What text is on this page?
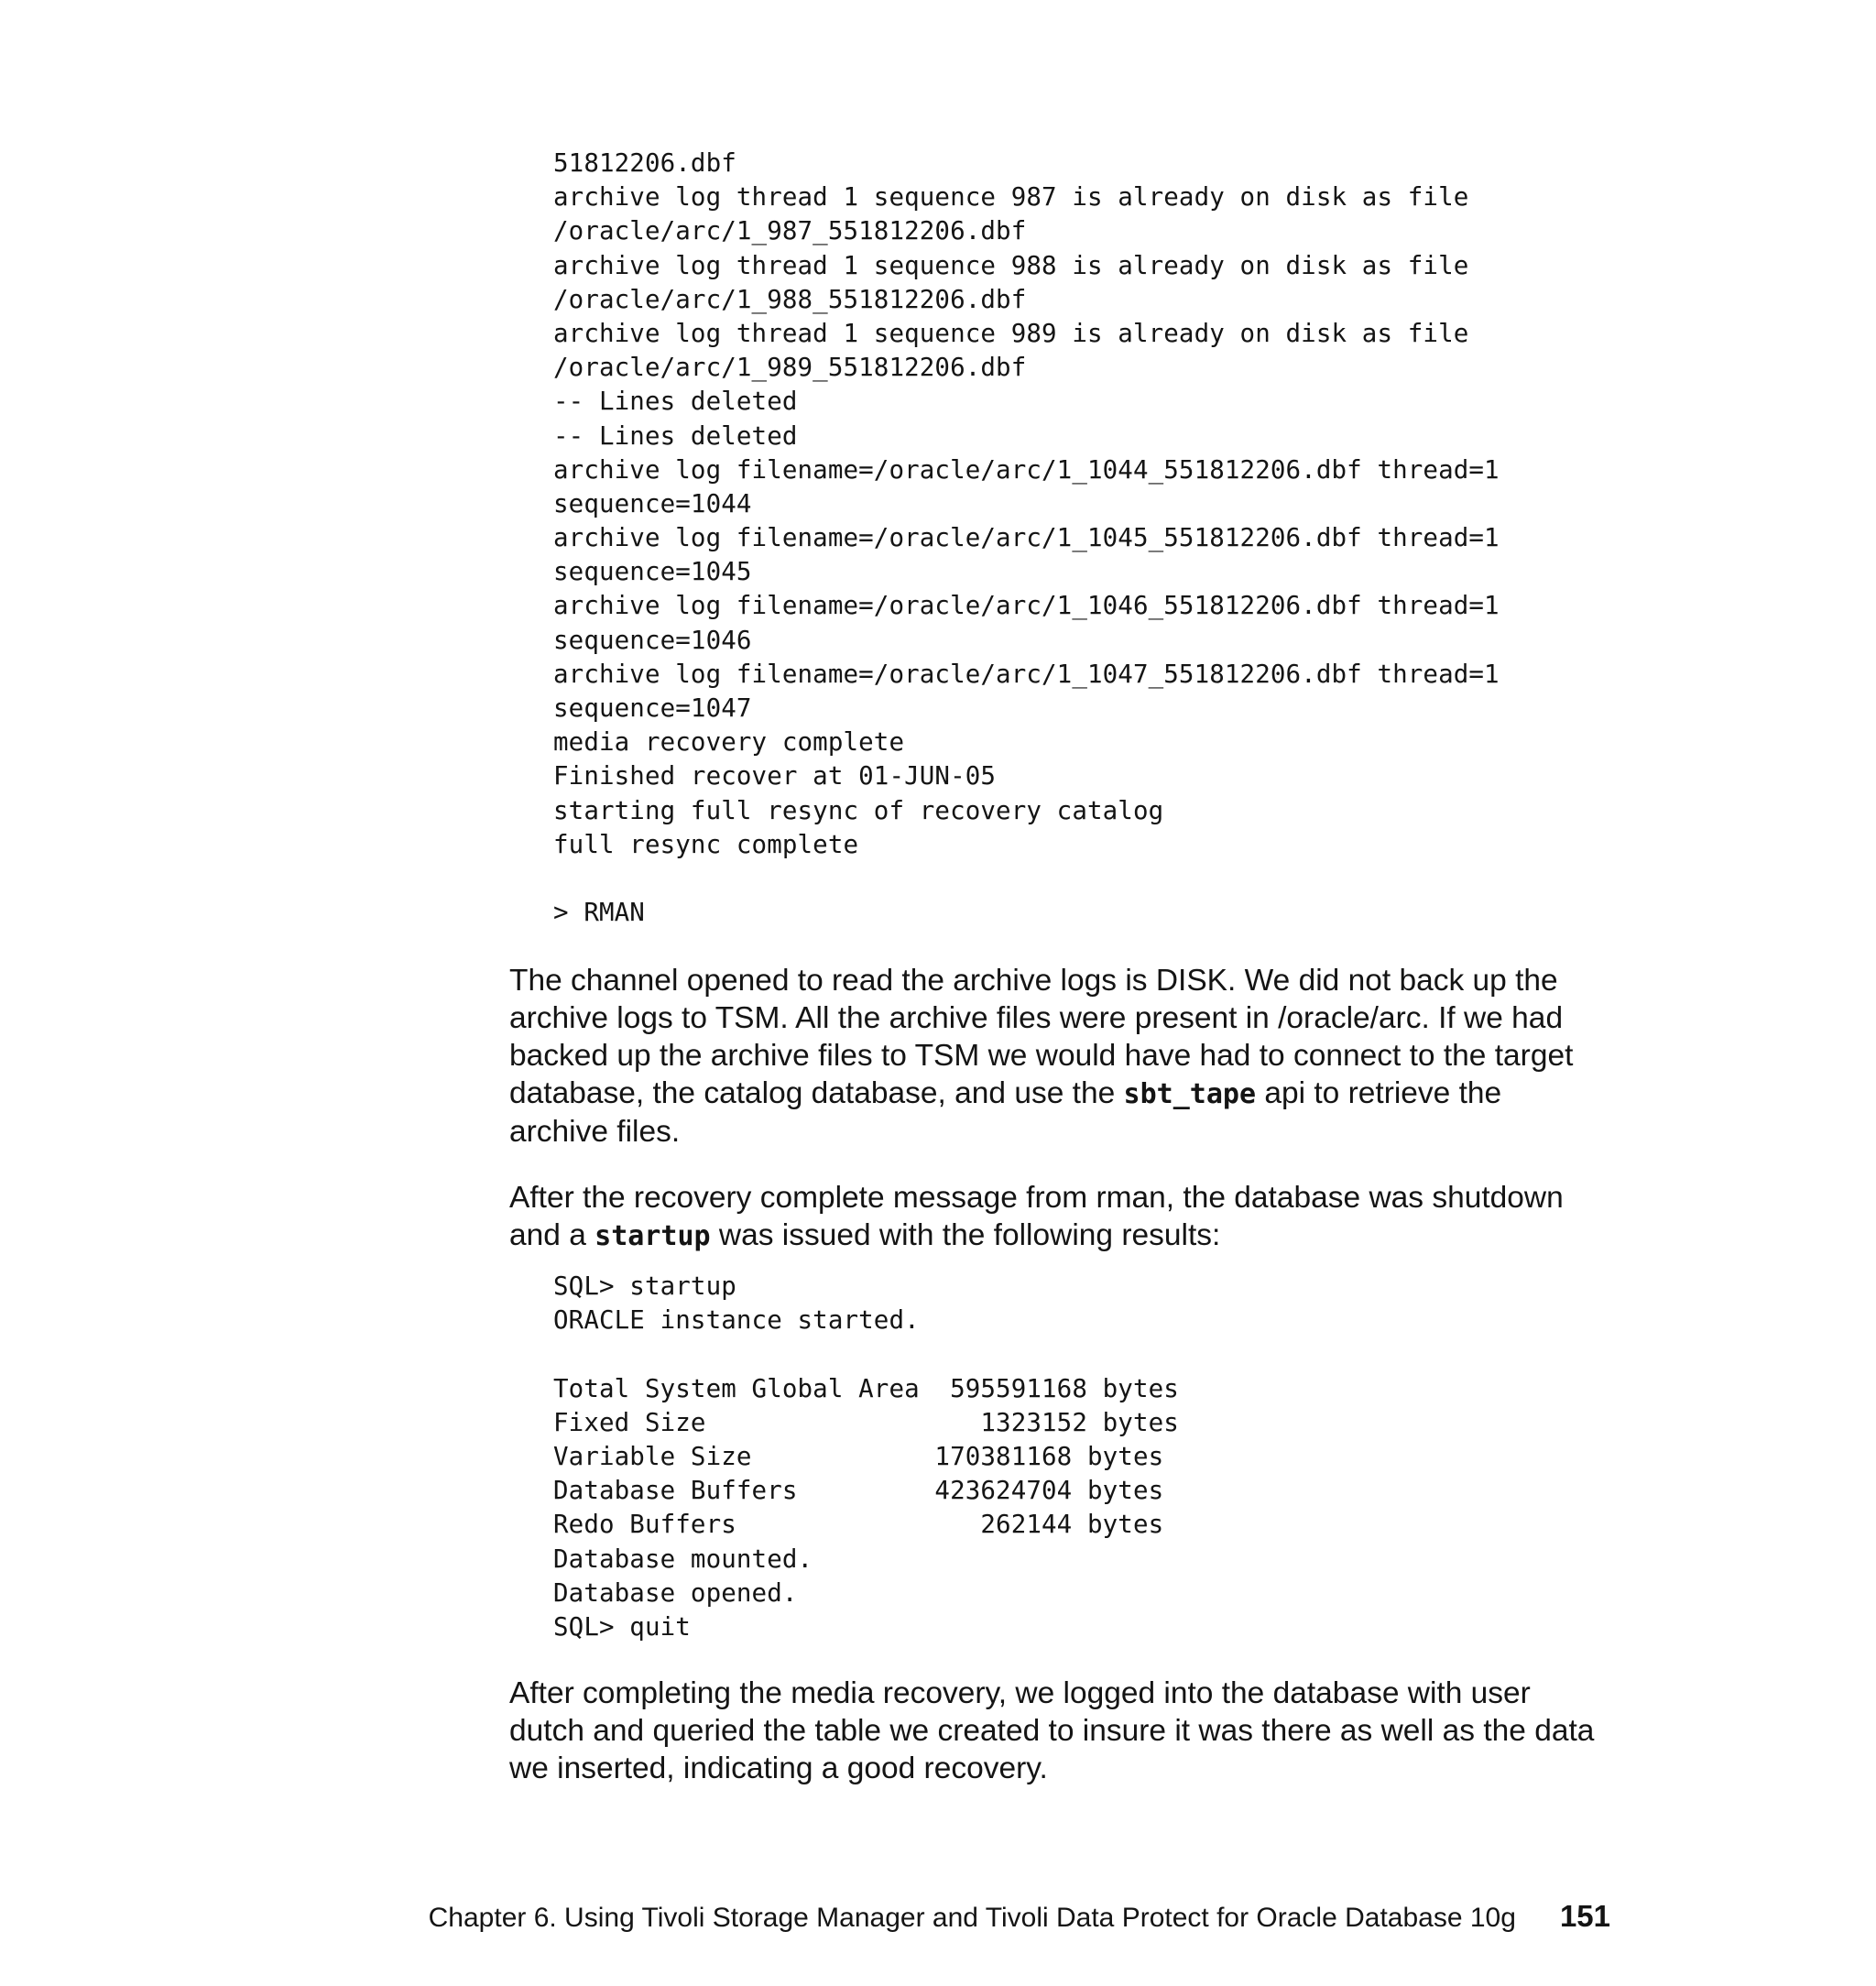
51812206.dbf
archive log thread 1 sequence 987 is already on disk as file
/oracle/arc/1_987_551812206.dbf
archive log thread 1 sequence 988 is already on disk as file
/oracle/arc/1_988_551812206.dbf
archive log thread 1 sequence 989 is already on disk as file
/oracle/arc/1_989_551812206.dbf
-- Lines deleted
-- Lines deleted
archive log filename=/oracle/arc/1_1044_551812206.dbf thread=1
sequence=1044
archive log filename=/oracle/arc/1_1045_551812206.dbf thread=1
sequence=1045
archive log filename=/oracle/arc/1_1046_551812206.dbf thread=1
sequence=1046
archive log filename=/oracle/arc/1_1047_551812206.dbf thread=1
sequence=1047
media recovery complete
Finished recover at 01-JUN-05
starting full resync of recovery catalog
full resync complete
> RMAN

The channel opened to read the archive logs is DISK. We did not back up the archive logs to TSM. All the archive files were present in /oracle/arc. If we had backed up the archive files to TSM we would have had to connect to the target database, the catalog database, and use the sbt_tape api to retrieve the archive files.

After the recovery complete message from rman, the database was shutdown and a startup was issued with the following results:

SQL> startup
ORACLE instance started.
Total System Global Area  595591168 bytes
Fixed Size                  1323152 bytes
Variable Size            170381168 bytes
Database Buffers         423624704 bytes
Redo Buffers                262144 bytes
Database mounted.
Database opened.
SQL> quit

After completing the media recovery, we logged into the database with user dutch and queried the table we created to insure it was there as well as the data we inserted, indicating a good recovery.

Chapter 6. Using Tivoli Storage Manager and Tivoli Data Protect for Oracle Database 10g 151
